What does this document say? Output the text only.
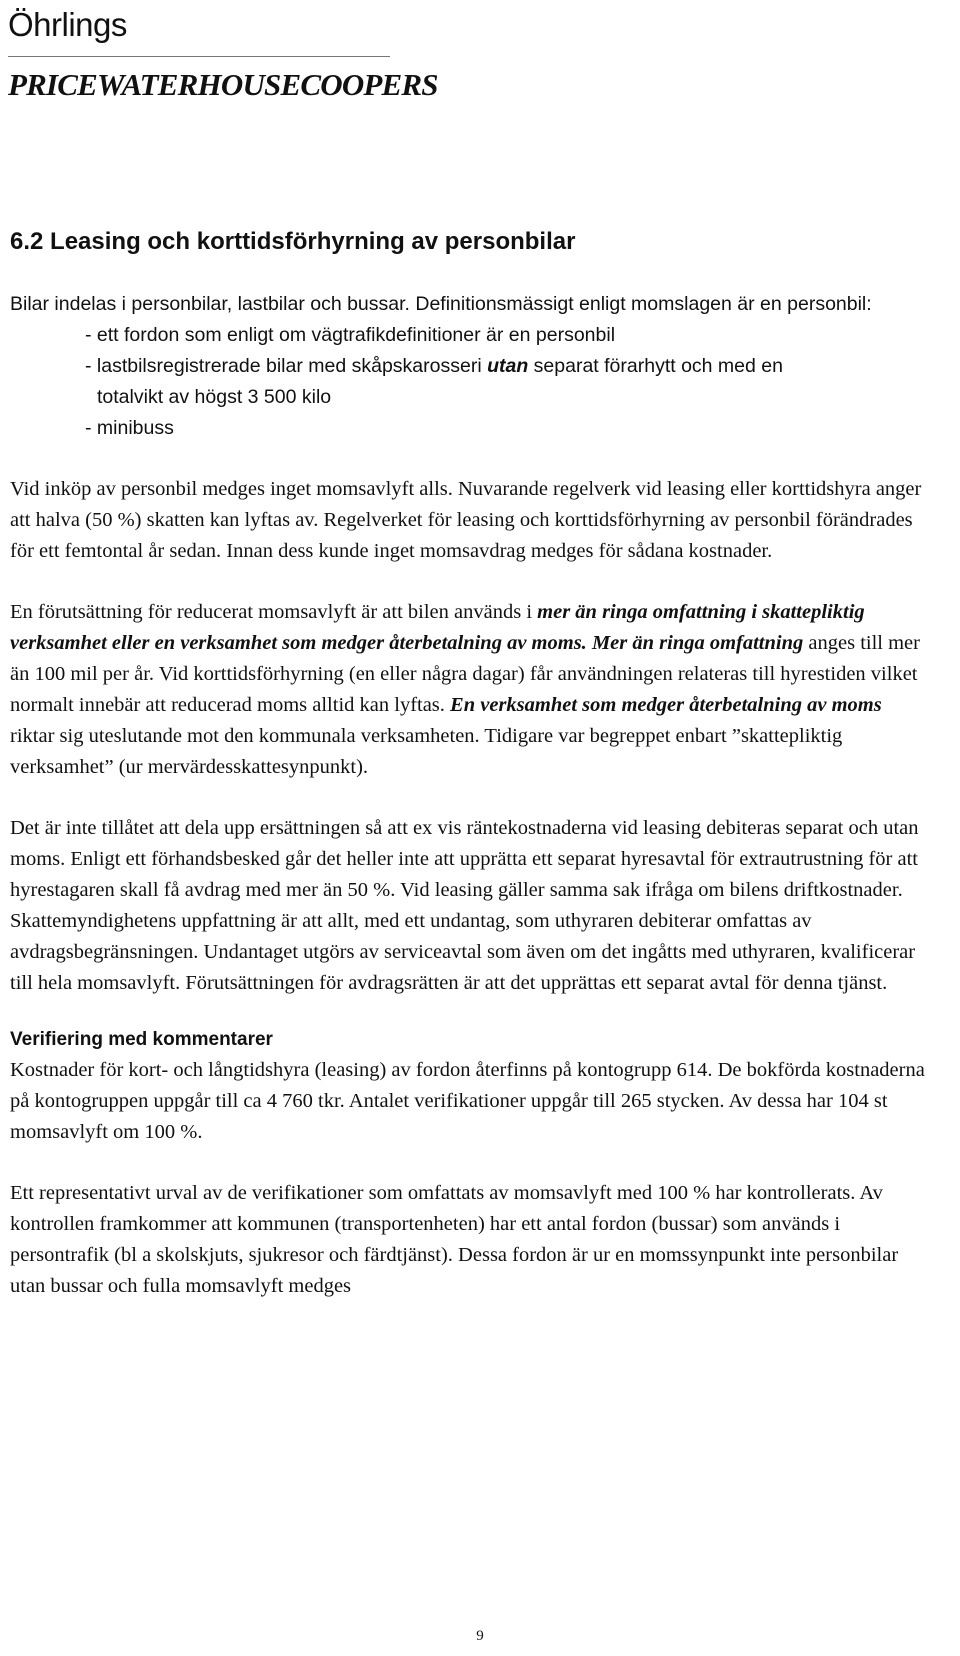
Öhrlings
PRICEWATERHOUSECOOPERS
6.2 Leasing och korttidsförhyrning av personbilar

Bilar indelas i personbilar, lastbilar och bussar. Definitionsmässigt enligt momslagen är en personbil:

- ett fordon som enligt om vägtrafikdefinitioner är en personbil
- lastbilsregistrerade bilar med skåpskarosseri utan separat förarhytt och med en
totalvikt av högst 3 500 kilo
- minibuss

Vid inköp av personbil medges inget momsavlyft alls. Nuvarande regelverk vid leasing eller korttidshyra anger att halva (50 %) skatten kan lyftas av. Regelverket för leasing och korttidsförhyrning av personbil förändrades för ett femtontal år sedan. Innan dess kunde inget momsavdrag medges för sådana kostnader.

En förutsättning för reducerat momsavlyft är att bilen används i mer än ringa omfattning i skattepliktig verksamhet eller en verksamhet som medger återbetalning av moms. Mer än ringa omfattning anges till mer än 100 mil per år. Vid korttidsförhyrning (en eller några dagar) får användningen relateras till hyrestiden vilket normalt innebär att reducerad moms alltid kan lyftas. En verksamhet som medger återbetalning av moms riktar sig uteslutande mot den kommunala verksamheten. Tidigare var begreppet enbart ”skattepliktig verksamhet” (ur mervärdesskattesynpunkt).

Det är inte tillåtet att dela upp ersättningen så att ex vis räntekostnaderna vid leasing debiteras separat och utan moms. Enligt ett förhandsbesked går det heller inte att upprätta ett separat hyresavtal för extrautrustning för att hyrestagaren skall få avdrag med mer än 50 %. Vid leasing gäller samma sak ifråga om bilens driftkostnader. Skattemyndighetens uppfattning är att allt, med ett undantag, som uthyraren debiterar omfattas av avdragsbegränsningen. Undantaget utgörs av serviceavtal som även om det ingåtts med uthyraren, kvalificerar till hela momsavlyft. Förutsättningen för avdragsrätten är att det upprättas ett separat avtal för denna tjänst.

Verifiering med kommentarer

Kostnader för kort- och långtidshyra (leasing) av fordon återfinns på kontogrupp 614. De bokförda kostnaderna på kontogruppen uppgår till ca 4 760 tkr. Antalet verifikationer uppgår till 265 stycken. Av dessa har 104 st momsavlyft om 100 %.

Ett representativt urval av de verifikationer som omfattats av momsavlyft med 100 % har kontrollerats. Av kontrollen framkommer att kommunen (transportenheten) har ett antal fordon (bussar) som används i persontrafik (bl a skolskjuts, sjukresor och färdtjänst). Dessa fordon är ur en momssynpunkt inte personbilar utan bussar och fulla momsavlyft medges

9
